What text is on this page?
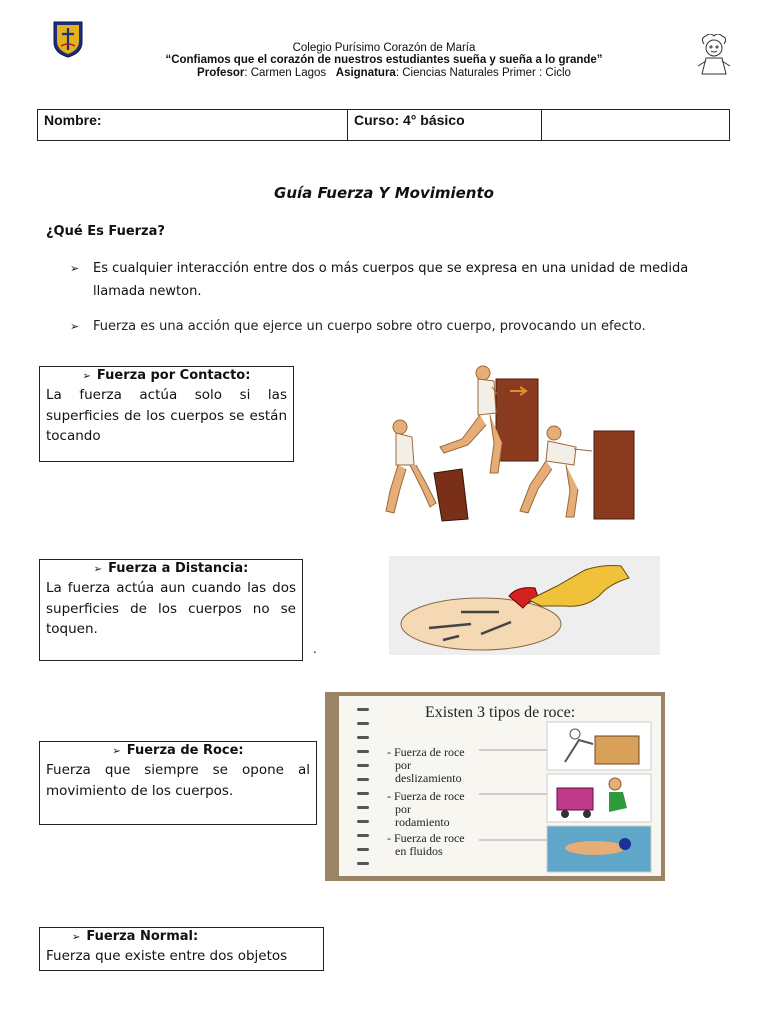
Colegio Purísimo Corazón de María
“Confiamos que el corazón de nuestros estudiantes sueña y sueña a lo grande”
Profesor: Carmen Lagos Asignatura: Ciencias Naturales Primer : Ciclo
Nombre:	Curso: 4° básico
Guía Fuerza Y Movimiento
¿Qué Es Fuerza?
➢	Es cualquier interacción entre dos o más cuerpos que se expresa en una unidad de medida llamada newton.
➢	Fuerza es una acción que ejerce un cuerpo sobre otro cuerpo, provocando un efecto.
➢ Fuerza por Contacto:
La fuerza actúa solo si las superficies de los cuerpos se están tocando
➢ Fuerza a Distancia:
La fuerza actúa aun cuando las dos superficies de los cuerpos no se toquen.
.
➢ Fuerza de Roce:
Fuerza que siempre se opone al movimiento de los cuerpos.
Existen 3 tipos de roce:
- Fuerza de roce
por
deslizamiento
- Fuerza de roce
por
rodamiento
- Fuerza de roce
en fluidos
➢ Fuerza Normal:
Fuerza que existe entre dos objetos
